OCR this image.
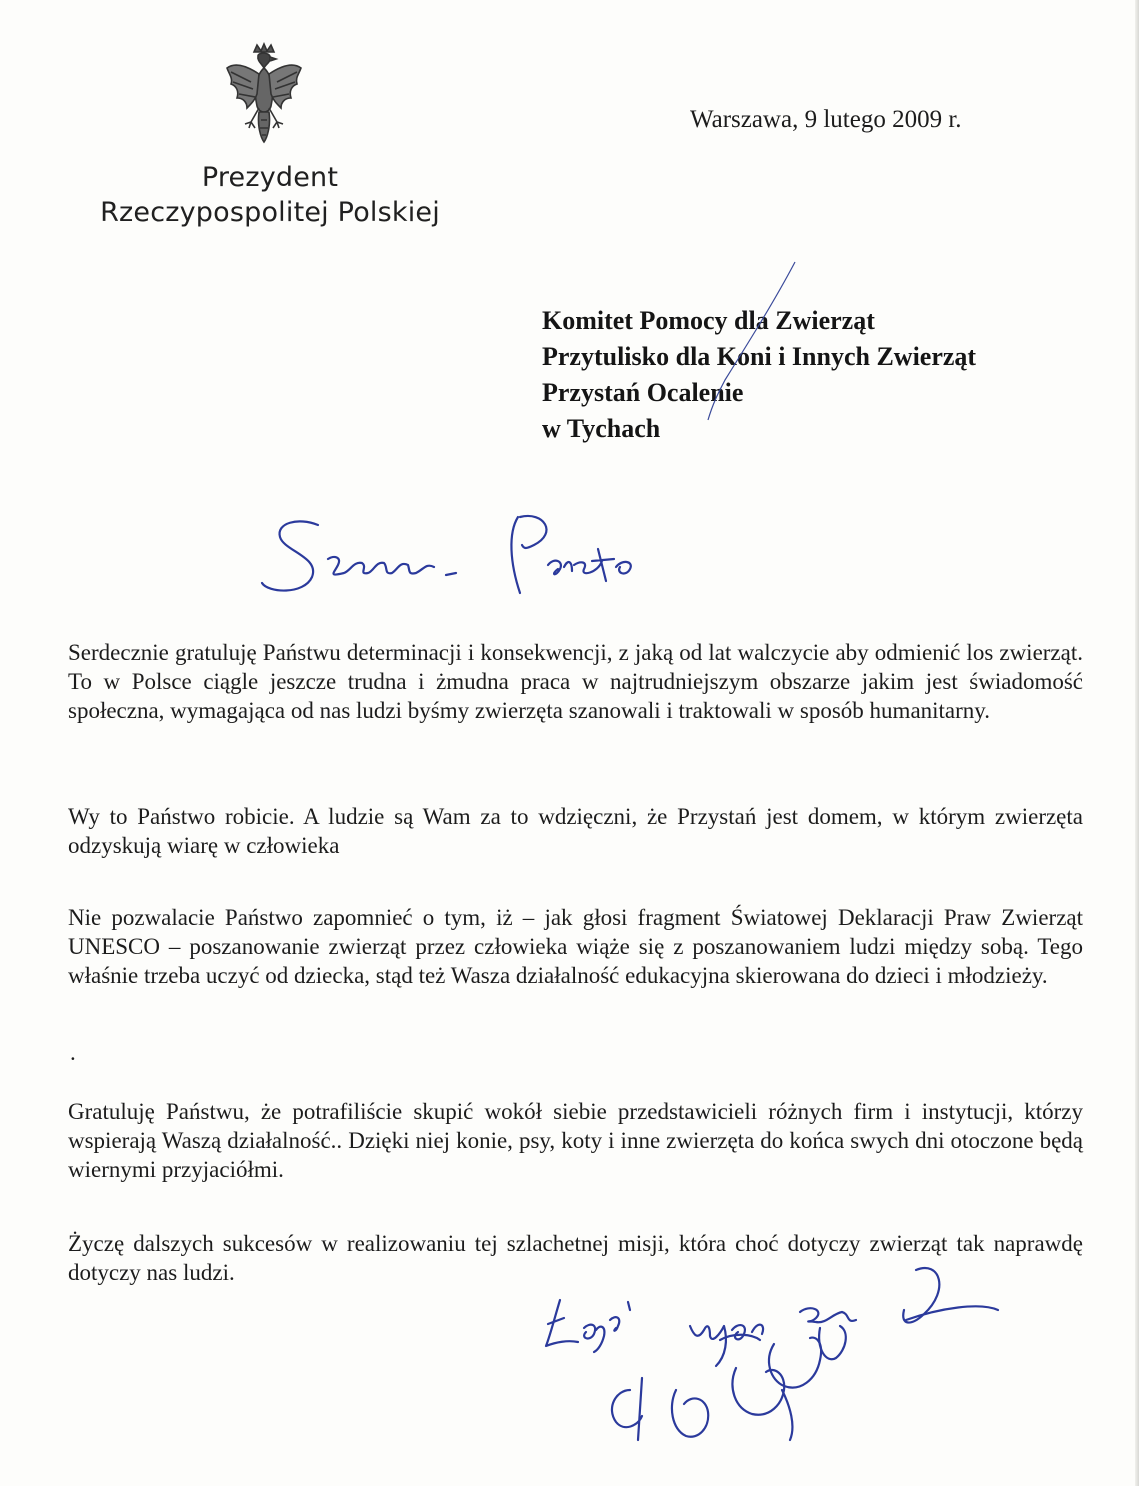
Prezydent
Rzeczypospolitej Polskiej
Warszawa, 9 lutego 2009 r.
Komitet Pomocy dla Zwierząt
Przytulisko dla Koni i Innych Zwierząt
Przystań Ocalenie
w Tychach
Szanowni Państwo

Serdecznie gratuluję Państwu determinacji i konsekwencji, z jaką od lat walczycie aby odmienić los zwierząt. To w Polsce ciągle jeszcze trudna i żmudna praca w najtrudniejszym obszarze jakim jest świadomość społeczna, wymagająca od nas ludzi byśmy zwierzęta szanowali i traktowali w sposób humanitarny.

Wy to Państwo robicie. A ludzie są Wam za to wdzięczni, że Przystań jest domem, w którym zwierzęta odzyskują wiarę w człowieka

Nie pozwalacie Państwo zapomnieć o tym, iż – jak głosi fragment Światowej Deklaracji Praw Zwierząt UNESCO – poszanowanie zwierząt przez człowieka wiąże się z poszanowaniem ludzi między sobą. Tego właśnie trzeba uczyć od dziecka, stąd też Wasza działalność edukacyjna skierowana do dzieci i młodzieży.

.

Gratuluję Państwu, że potrafiliście skupić wokół siebie przedstawicieli różnych firm i instytucji, którzy wspierają Waszą działalność.. Dzięki niej konie, psy, koty i inne zwierzęta do końca swych dni otoczone będą wiernymi przyjaciółmi.

Życzę dalszych sukcesów w realizowaniu tej szlachetnej misji, która choć dotyczy zwierząt tak naprawdę dotyczy nas ludzi.

Łączę wyrazy szacunku
